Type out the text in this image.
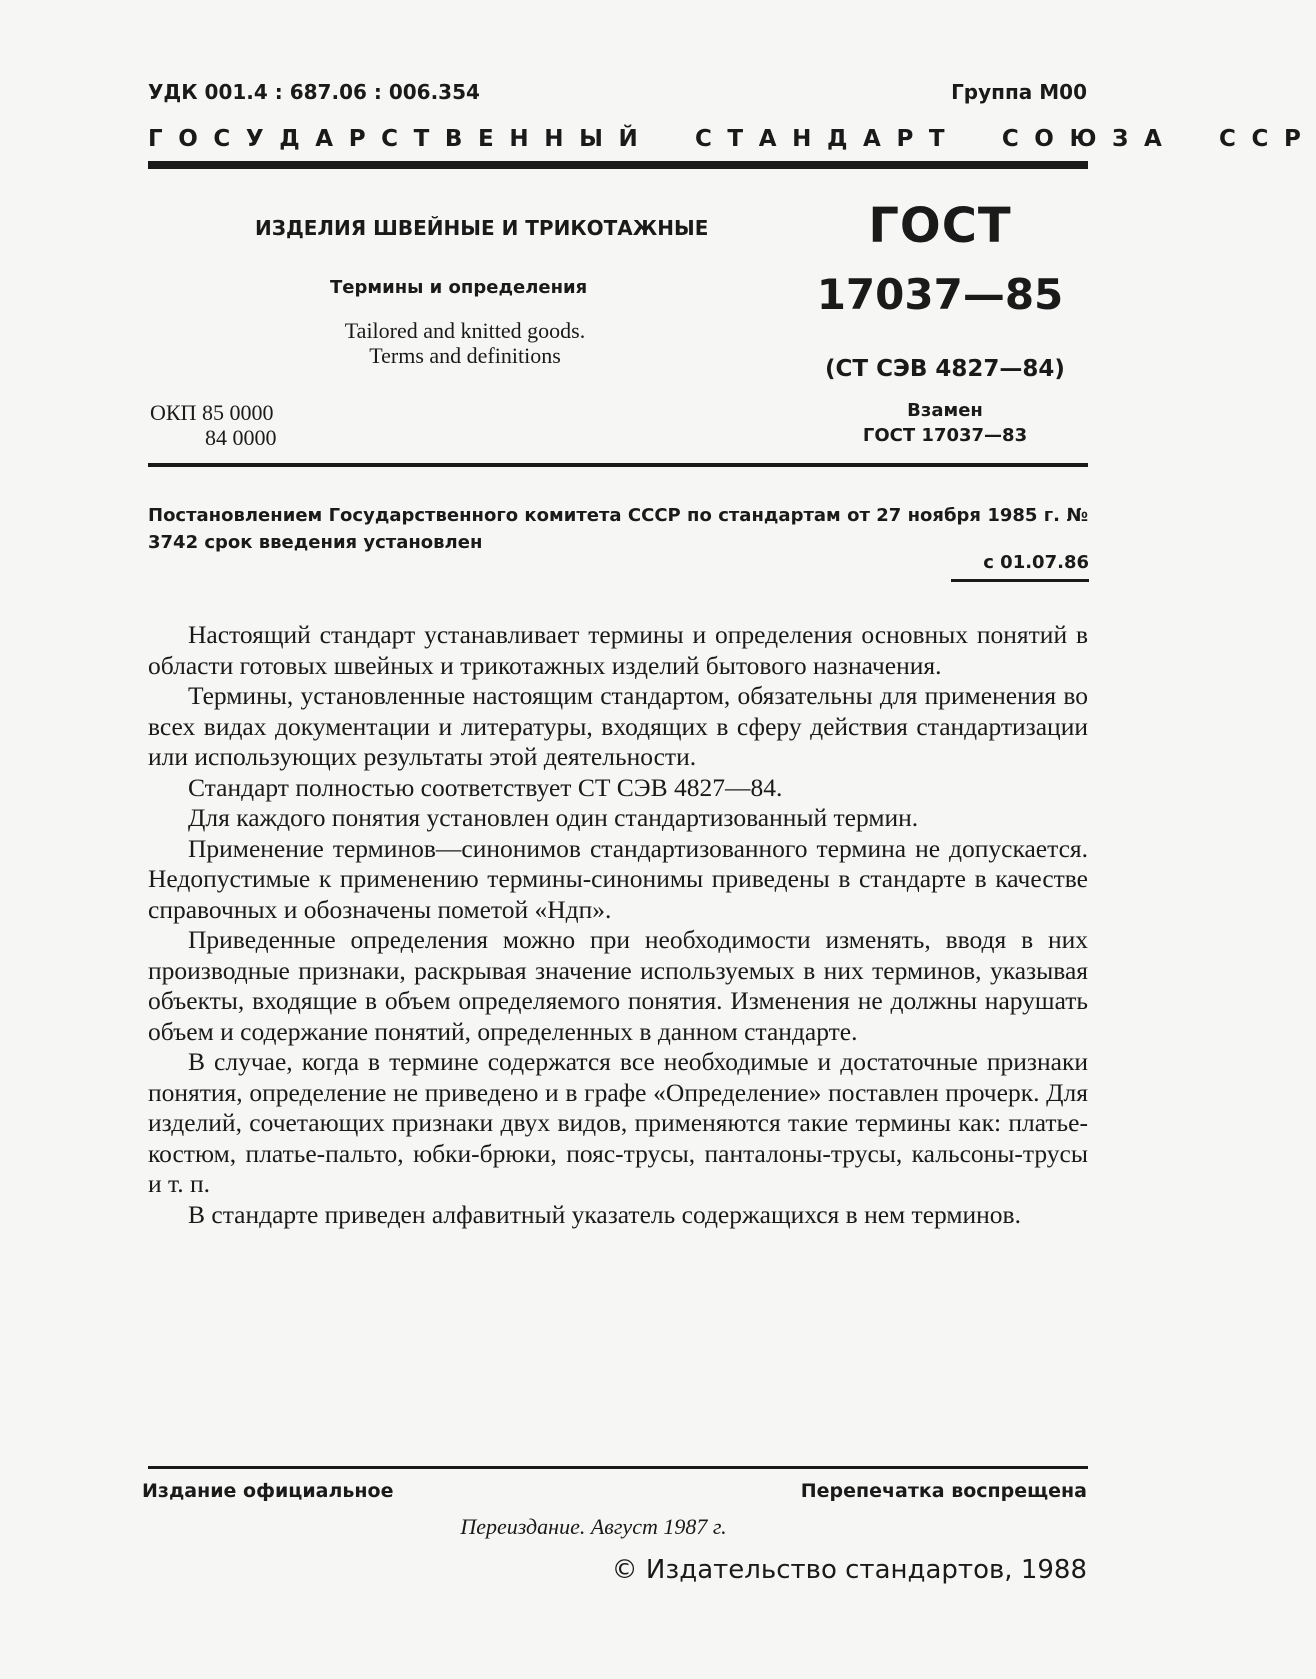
УДК 001.4 : 687.06 : 006.354	Группа М00
ГОСУДАРСТВЕННЫЙ СТАНДАРТ СОЮЗА ССР
ИЗДЕЛИЯ ШВЕЙНЫЕ И ТРИКОТАЖНЫЕ
Термины и определения
Tailored and knitted goods.
Terms and definitions
ОКП 85 0000
84 0000
ГОСТ
17037—85
(СТ СЭВ 4827—84)
Взамен
ГОСТ 17037—83
Постановлением Государственного комитета СССР по стандартам от 27 ноября 1985 г. № 3742 срок введения установлен
с 01.07.86

Настоящий стандарт устанавливает термины и определения основных понятий в области готовых швейных и трикотажных изделий бытового назначения.

Термины, установленные настоящим стандартом, обязательны для применения во всех видах документации и литературы, входящих в сферу действия стандартизации или использующих результаты этой деятельности.

Стандарт полностью соответствует СТ СЭВ 4827—84.

Для каждого понятия установлен один стандартизованный термин.

Применение терминов—синонимов стандартизованного термина не допускается. Недопустимые к применению термины-синонимы приведены в стандарте в качестве справочных и обозначены пометой «Ндп».

Приведенные определения можно при необходимости изменять, вводя в них производные признаки, раскрывая значение используемых в них терминов, указывая объекты, входящие в объем определяемого понятия. Изменения не должны нарушать объем и содержание понятий, определенных в данном стандарте.

В случае, когда в термине содержатся все необходимые и достаточные признаки понятия, определение не приведено и в графе «Определение» поставлен прочерк. Для изделий, сочетающих признаки двух видов, применяются такие термины как: платье-костюм, платье-пальто, юбки-брюки, пояс-трусы, панталоны-трусы, кальсоны-трусы и т. п.

В стандарте приведен алфавитный указатель содержащихся в нем терминов.

Издание официальное	Перепечатка воспрещена
Переиздание. Август 1987 г.
© Издательство стандартов, 1988
